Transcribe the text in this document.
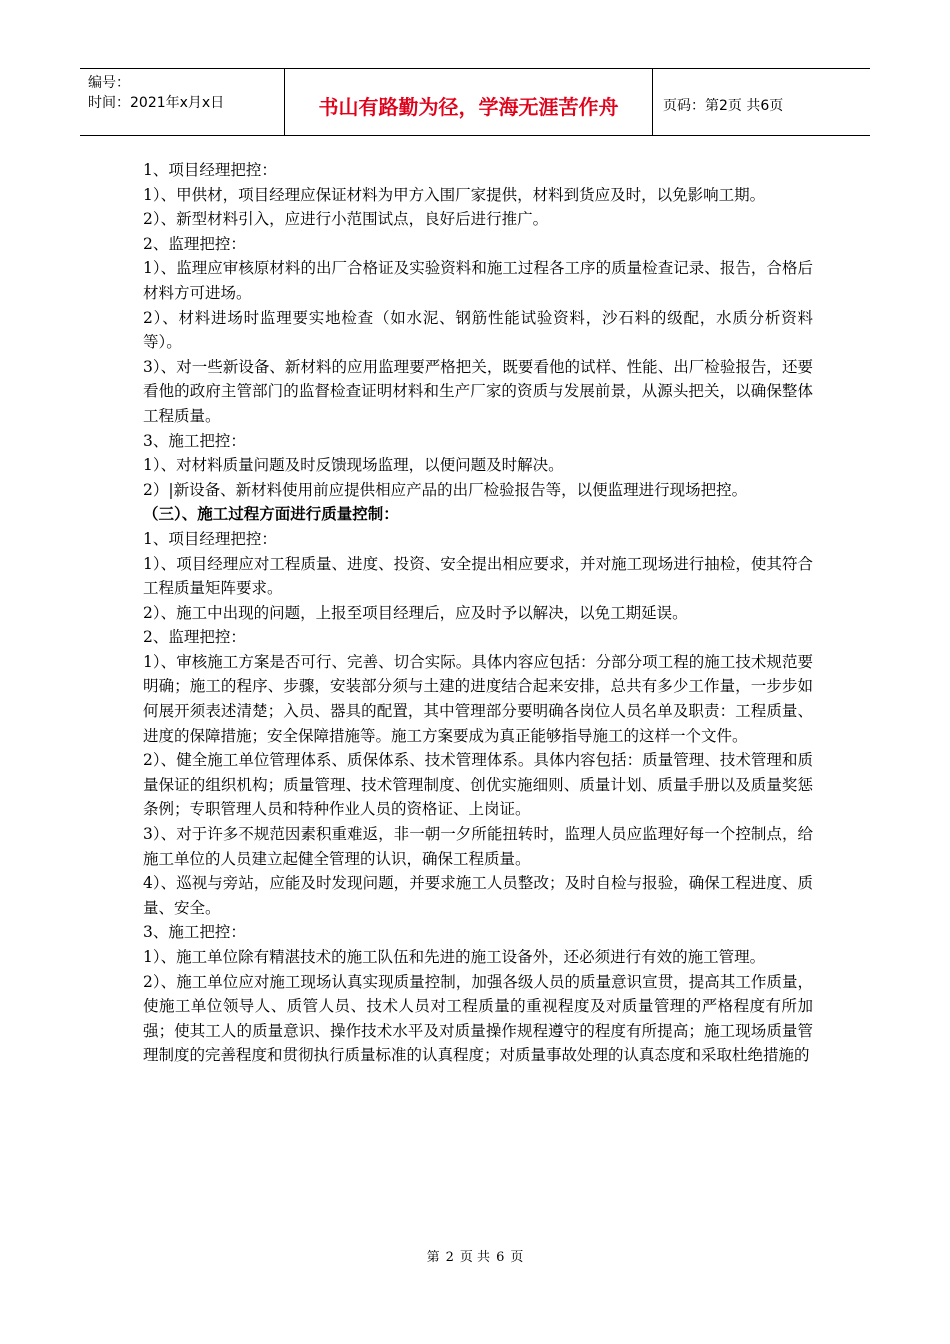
编号：
时间：2021年x月x日	书山有路勤为径，学海无涯苦作舟	页码：第2页 共6页

1、项目经理把控：

1）、甲供材，项目经理应保证材料为甲方入围厂家提供，材料到货应及时，以免影响工期。

2）、新型材料引入，应进行小范围试点，良好后进行推广。

2、监理把控：

1）、监理应审核原材料的出厂合格证及实验资料和施工过程各工序的质量检查记录、报告，合格后材料方可进场。

2）、材料进场时监理要实地检查（如水泥、钢筋性能试验资料，沙石料的级配，水质分析资料等）。

3）、对一些新设备、新材料的应用监理要严格把关，既要看他的试样、性能、出厂检验报告，还要看他的政府主管部门的监督检查证明材料和生产厂家的资质与发展前景，从源头把关，以确保整体工程质量。

3、施工把控：

1）、对材料质量问题及时反馈现场监理，以便问题及时解决。

2）|新设备、新材料使用前应提供相应产品的出厂检验报告等，以便监理进行现场把控。

（三）、施工过程方面进行质量控制：

1、项目经理把控：

1）、项目经理应对工程质量、进度、投资、安全提出相应要求，并对施工现场进行抽检，使其符合工程质量矩阵要求。

2）、施工中出现的问题，上报至项目经理后，应及时予以解决，以免工期延误。

2、监理把控：

1）、审核施工方案是否可行、完善、切合实际。具体内容应包括：分部分项工程的施工技术规范要明确；施工的程序、步骤，安装部分须与土建的进度结合起来安排，总共有多少工作量，一步步如何展开须表述清楚；入员、器具的配置，其中管理部分要明确各岗位人员名单及职责：工程质量、进度的保障措施；安全保障措施等。施工方案要成为真正能够指导施工的这样一个文件。

2）、健全施工单位管理体系、质保体系、技术管理体系。具体内容包括：质量管理、技术管理和质量保证的组织机构；质量管理、技术管理制度、创优实施细则、质量计划、质量手册以及质量奖惩条例；专职管理人员和特种作业人员的资格证、上岗证。

3）、对于许多不规范因素积重难返，非一朝一夕所能扭转时，监理人员应监理好每一个控制点，给施工单位的人员建立起健全管理的认识，确保工程质量。

4）、巡视与旁站，应能及时发现问题，并要求施工人员整改；及时自检与报验，确保工程进度、质量、安全。

3、施工把控：

1）、施工单位除有精湛技术的施工队伍和先进的施工设备外，还必须进行有效的施工管理。

2）、施工单位应对施工现场认真实现质量控制，加强各级人员的质量意识宣贯，提高其工作质量，使施工单位领导人、质管人员、技术人员对工程质量的重视程度及对质量管理的严格程度有所加强；使其工人的质量意识、操作技术水平及对质量操作规程遵守的程度有所提高；施工现场质量管理制度的完善程度和贯彻执行质量标准的认真程度；对质量事故处理的认真态度和采取杜绝措施的

第 2 页 共 6 页
